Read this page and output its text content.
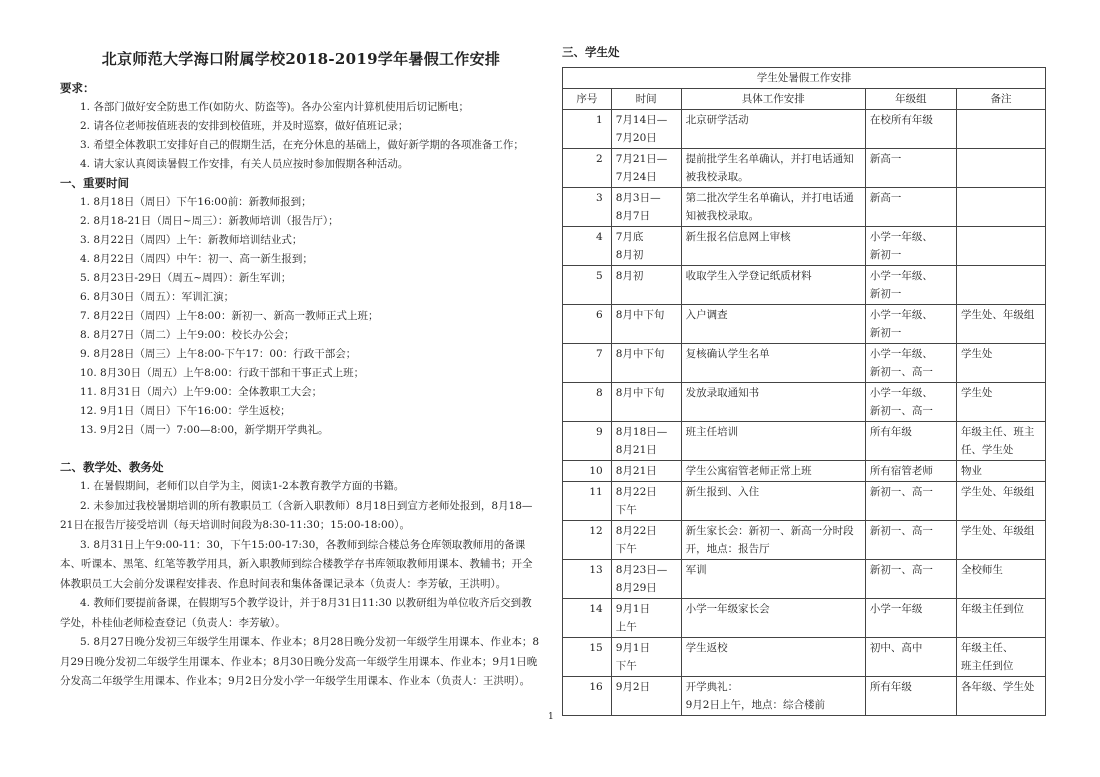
北京师范大学海口附属学校2018-2019学年暑假工作安排

要求：

1. 各部门做好安全防患工作(如防火、防盗等)。各办公室内计算机使用后切记断电；

2. 请各位老师按值班表的安排到校值班，并及时巡察，做好值班记录；

3. 希望全体教职工安排好自己的假期生活，在充分休息的基础上，做好新学期的各项准备工作；

4. 请大家认真阅读暑假工作安排，有关人员应按时参加假期各种活动。

一、重要时间

1. 8月18日（周日）下午16:00前：新教师报到；

2. 8月18-21日（周日~周三）：新教师培训（报告厅）；

3. 8月22日（周四）上午：新教师培训结业式；

4. 8月22日（周四）中午：初一、高一新生报到；

5. 8月23日-29日（周五~周四）：新生军训；

6. 8月30日（周五）：军训汇演；

7. 8月22日（周四）上午8:00：新初一、新高一教师正式上班；

8. 8月27日（周二）上午9:00：校长办公会；

9. 8月28日（周三）上午8:00-下午17：00：行政干部会；

10. 8月30日（周五）上午8:00：行政干部和干事正式上班；

11. 8月31日（周六）上午9:00：全体教职工大会；

12. 9月1日（周日）下午16:00：学生返校；

13. 9月2日（周一）7:00—8:00，新学期开学典礼。

二、教学处、教务处

1. 在暑假期间，老师们以自学为主，阅读1-2本教育教学方面的书籍。

2. 未参加过我校暑期培训的所有教职员工（含新入职教师）8月18日到宣方老师处报到，8月18—21日在报告厅接受培训（每天培训时间段为8:30-11:30；15:00-18:00）。

3. 8月31日上午9:00-11：30，下午15:00-17:30，各教师到综合楼总务仓库领取教师用的备课本、听课本、黑笔、红笔等教学用具，新入职教师到综合楼教学存书库领取教师用课本、教辅书；开全体教职员工大会前分发课程安排表、作息时间表和集体备课记录本（负责人：李芳敏，王洪明）。

4. 教师们要提前备课，在假期写5个教学设计，并于8月31日11:30 以教研组为单位收齐后交到教学处，朴桂仙老师检查登记（负责人：李芳敏）。

5. 8月27日晚分发初三年级学生用课本、作业本；8月28日晚分发初一年级学生用课本、作业本；8月29日晚分发初二年级学生用课本、作业本；8月30日晚分发高一年级学生用课本、作业本；9月1日晚分发高二年级学生用课本、作业本；9月2日分发小学一年级学生用课本、作业本（负责人：王洪明）。

三、学生处

学生处暑假工作安排				
序号	时间	具体工作安排	年级组	备注
1	7月14日—
7月20日	北京研学活动	在校所有年级	
2	7月21日—
7月24日	提前批学生名单确认，并打电话通知
被我校录取。	新高一	
3	8月3日—
8月7日	第二批次学生名单确认，并打电话通
知被我校录取。	新高一	
4	7月底
8月初	新生报名信息网上审核	小学一年级、
新初一	
5	8月初	收取学生入学登记纸质材料	小学一年级、
新初一	
6	8月中下旬	入户调查	小学一年级、
新初一	学生处、年级组
7	8月中下旬	复核确认学生名单	小学一年级、
新初一、高一	学生处
8	8月中下旬	发放录取通知书	小学一年级、
新初一、高一	学生处
9	8月18日—
8月21日	班主任培训	所有年级	年级主任、班主
任、学生处
10	8月21日	学生公寓宿管老师正常上班	所有宿管老师	物业
11	8月22日
下午	新生报到、入住	新初一、高一	学生处、年级组
12	8月22日
下午	新生家长会：新初一、新高一分时段
开，地点：报告厅	新初一、高一	学生处、年级组
13	8月23日—
8月29日	军训	新初一、高一	全校师生
14	9月1日
上午	小学一年级家长会	小学一年级	年级主任到位
15	9月1日
下午	学生返校	初中、高中	年级主任、
班主任到位
16	9月2日	开学典礼：
9月2日上午，地点：综合楼前	所有年级	各年级、学生处
1
